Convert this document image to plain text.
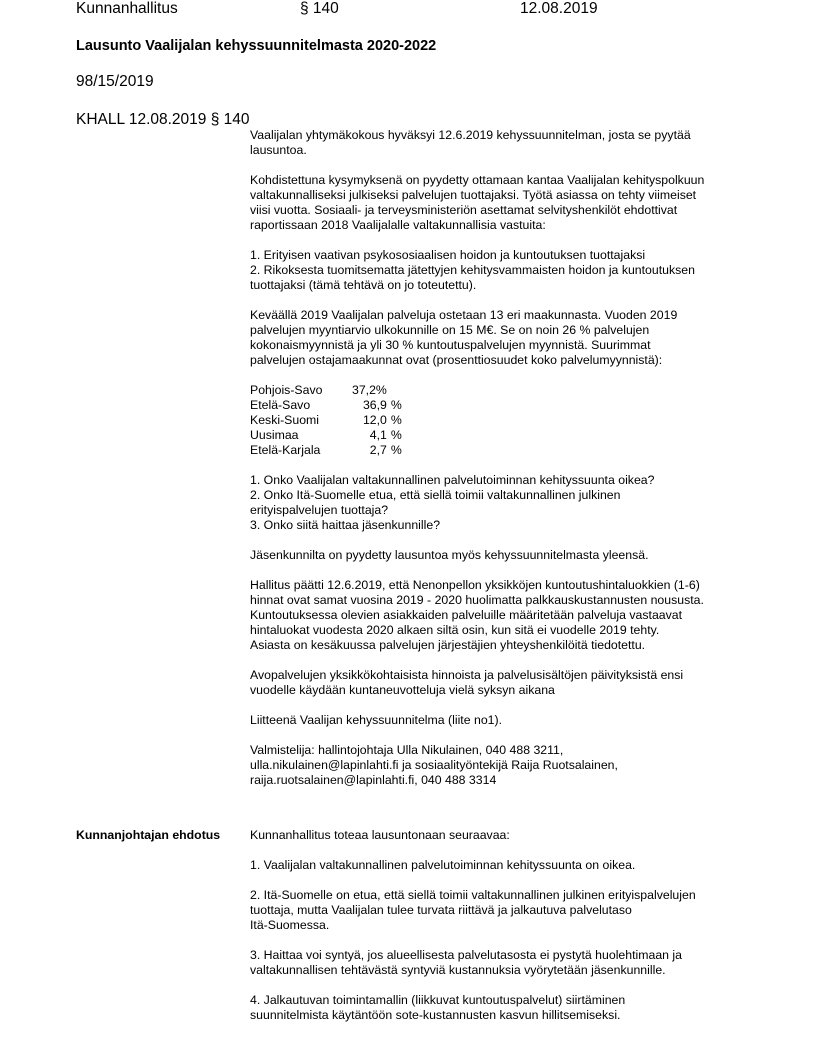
Kunnanhallitus	§ 140	12.08.2019
Lausunto Vaalijalan kehyssuunnitelmasta 2020-2022
98/15/2019
KHALL 12.08.2019 § 140

Vaalijalan yhtymäkokous hyväksyi 12.6.2019 kehyssuunnitelman, josta se pyytää
lausuntoa.

Kohdistettuna kysymyksenä on pyydetty ottamaan kantaa Vaalijalan kehityspolkuun
valtakunnalliseksi julkiseksi palvelujen tuottajaksi. Työtä asiassa on tehty viimeiset
viisi vuotta. Sosiaali- ja terveysministeriön asettamat selvityshenkilöt ehdottivat
raportissaan 2018 Vaalijalalle valtakunnallisia vastuita:

1. Erityisen vaativan psykososiaalisen hoidon ja kuntoutuksen tuottajaksi
2. Rikoksesta tuomitsematta jätettyjen kehitysvammaisten hoidon ja kuntoutuksen
tuottajaksi (tämä tehtävä on jo toteutettu).

Keväällä 2019 Vaalijalan palveluja ostetaan 13 eri maakunnasta. Vuoden 2019
palvelujen myyntiarvio ulkokunnille on 15 M€. Se on noin 26 % palvelujen
kokonaismyynnistä ja yli 30 % kuntoutuspalvelujen myynnistä. Suurimmat
palvelujen ostajamaakunnat ovat (prosenttiosuudet koko palvelumyynnistä):

Pohjois-Savo	37,2%	
Etelä-Savo	36,9	%
Keski-Suomi	12,0	%
Uusimaa	4,1	%
Etelä-Karjala	2,7	%

1. Onko Vaalijalan valtakunnallinen palvelutoiminnan kehityssuunta oikea?
2. Onko Itä-Suomelle etua, että siellä toimii valtakunnallinen julkinen
erityispalvelujen tuottaja?
3. Onko siitä haittaa jäsenkunnille?

Jäsenkunnilta on pyydetty lausuntoa myös kehyssuunnitelmasta yleensä.

Hallitus päätti 12.6.2019, että Nenonpellon yksikköjen kuntoutushintaluokkien (1-6)
hinnat ovat samat vuosina 2019 - 2020 huolimatta palkkauskustannusten noususta.
Kuntoutuksessa olevien asiakkaiden palveluille määritetään palveluja vastaavat
hintaluokat vuodesta 2020 alkaen siltä osin, kun sitä ei vuodelle 2019 tehty.
Asiasta on kesäkuussa palvelujen järjestäjien yhteyshenkilöitä tiedotettu.

Avopalvelujen yksikkökohtaisista hinnoista ja palvelusisältöjen päivityksistä ensi
vuodelle käydään kuntaneuvotteluja vielä syksyn aikana

Liitteenä Vaalijan kehyssuunnitelma (liite no1).

Valmistelija: hallintojohtaja Ulla Nikulainen, 040 488 3211,
ulla.nikulainen@lapinlahti.fi ja sosiaalityöntekijä Raija Ruotsalainen,
raija.ruotsalainen@lapinlahti.fi, 040 488 3314

Kunnanjohtajan ehdotus Kunnanhallitus toteaa lausuntonaan seuraavaa:

1. Vaalijalan valtakunnallinen palvelutoiminnan kehityssuunta on oikea.

2. Itä-Suomelle on etua, että siellä toimii valtakunnallinen julkinen erityispalvelujen
tuottaja, mutta Vaalijalan tulee turvata riittävä ja jalkautuva palvelutaso
Itä-Suomessa.

3. Haittaa voi syntyä, jos alueellisesta palvelutasosta ei pystytä huolehtimaan ja
valtakunnallisen tehtävästä syntyviä kustannuksia vyörytetään jäsenkunnille.

4. Jalkautuvan toimintamallin (liikkuvat kuntoutuspalvelut) siirtäminen
suunnitelmista käytäntöön sote-kustannusten kasvun hillitsemiseksi.
